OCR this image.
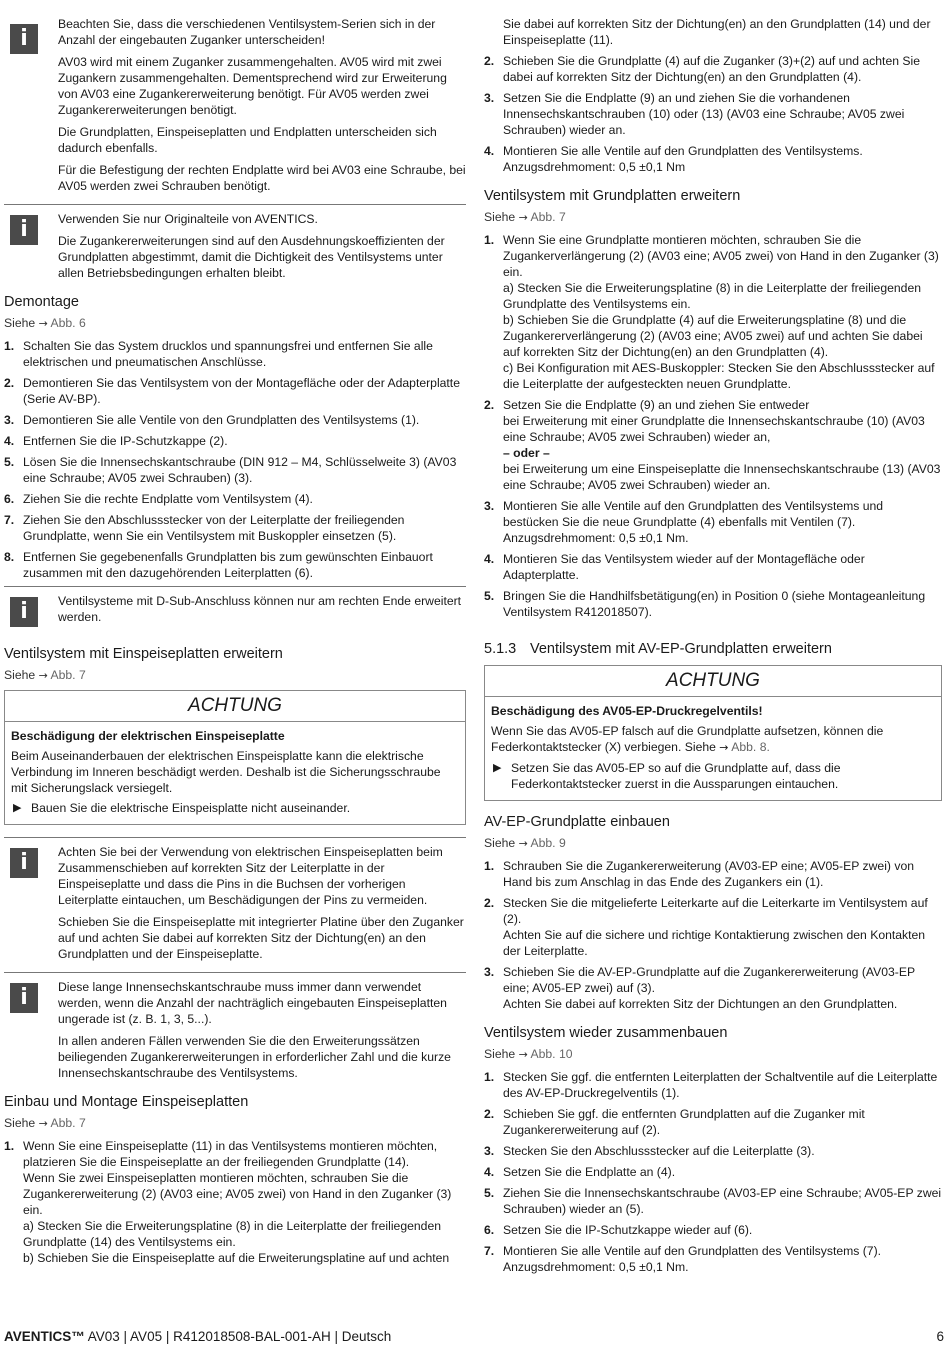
i

Beachten Sie, dass die verschiedenen Ventilsystem-Serien sich in der Anzahl der eingebauten Zuganker unterscheiden!

AV03 wird mit einem Zuganker zusammengehalten. AV05 wird mit zwei Zugankern zusammengehalten. Dementsprechend wird zur Erweiterung von AV03 eine Zugankererweiterung benötigt. Für AV05 werden zwei Zugankererweiterungen benötigt.

Die Grundplatten, Einspeiseplatten und Endplatten unterscheiden sich dadurch ebenfalls.

Für die Befestigung der rechten Endplatte wird bei AV03 eine Schraube, bei AV05 werden zwei Schrauben benötigt.

i	Verwenden Sie nur Originalteile von AVENTICS.

Die Zugankererweiterungen sind auf den Ausdehnungskoeffizienten der Grundplatten abgestimmt, damit die Dichtigkeit des Ventilsystems unter allen Betriebsbedingungen erhalten bleibt.

Demontage
Siehe → Abb. 6
1. Schalten Sie das System drucklos und spannungsfrei und entfernen Sie alle elektrischen und pneumatischen Anschlüsse.
2. Demontieren Sie das Ventilsystem von der Montagefläche oder der Adapterplatte (Serie AV-BP).
3. Demontieren Sie alle Ventile von den Grundplatten des Ventilsystems (1).
4. Entfernen Sie die IP-Schutzkappe (2).
5. Lösen Sie die Innensechskantschraube (DIN 912 – M4, Schlüsselweite 3) (AV03 eine Schraube; AV05 zwei Schrauben) (3).
6. Ziehen Sie die rechte Endplatte vom Ventilsystem (4).
7. Ziehen Sie den Abschlussstecker von der Leiterplatte der freiliegenden Grundplatte, wenn Sie ein Ventilsystem mit Buskoppler einsetzen (5).
8. Entfernen Sie gegebenenfalls Grundplatten bis zum gewünschten Einbauort zusammen mit den dazugehörenden Leiterplatten (6).
i	Ventilsysteme mit D-Sub-Anschluss können nur am rechten Ende erweitert werden.

Ventilsystem mit Einspeiseplatten erweitern
Siehe → Abb. 7
ACHTUNG
Beschädigung der elektrischen Einspeiseplatte
Beim Auseinanderbauen der elektrischen Einspeisplatte kann die elektrische Verbindung im Inneren beschädigt werden. Deshalb ist die Sicherungsschraube mit Sicherungslack versiegelt.
▶ Bauen Sie die elektrische Einspeisplatte nicht auseinander.
i	Achten Sie bei der Verwendung von elektrischen Einspeiseplatten beim Zusammenschieben auf korrekten Sitz der Leiterplatte in der Einspeiseplatte und dass die Pins in die Buchsen der vorherigen Leiterplatte eintauchen, um Beschädigungen der Pins zu vermeiden.

Schieben Sie die Einspeiseplatte mit integrierter Platine über den Zuganker auf und achten Sie dabei auf korrekten Sitz der Dichtung(en) an den Grundplatten und der Einspeiseplatte.

i	Diese lange Innensechskantschraube muss immer dann verwendet werden, wenn die Anzahl der nachträglich eingebauten Einspeiseplatten ungerade ist (z. B. 1, 3, 5...).

In allen anderen Fällen verwenden Sie die den Erweiterungssätzen beiliegenden Zugankererweiterungen in erforderlicher Zahl und die kurze Innensechskantschraube des Ventilsystems.

Einbau und Montage Einspeiseplatten
Siehe → Abb. 7
1. Wenn Sie eine Einspeiseplatte (11) in das Ventilsystems montieren möchten, platzieren Sie die Einspeiseplatte an der freiliegenden Grundplatte (14).
Wenn Sie zwei Einspeiseplatten montieren möchten, schrauben Sie die Zugankererweiterung (2) (AV03 eine; AV05 zwei) von Hand in den Zuganker (3) ein.
a) Stecken Sie die Erweiterungsplatine (8) in die Leiterplatte der freiliegenden Grundplatte (14) des Ventilsystems ein.
b) Schieben Sie die Einspeiseplatte auf die Erweiterungsplatine auf und achten
Sie dabei auf korrekten Sitz der Dichtung(en) an den Grundplatten (14) und der Einspeiseplatte (11).
2. Schieben Sie die Grundplatte (4) auf die Zuganker (3)+(2) auf und achten Sie dabei auf korrekten Sitz der Dichtung(en) an den Grundplatten (4).
3. Setzen Sie die Endplatte (9) an und ziehen Sie die vorhandenen Innensechskantschrauben (10) oder (13) (AV03 eine Schraube; AV05 zwei Schrauben) wieder an.
4. Montieren Sie alle Ventile auf den Grundplatten des Ventilsystems.
Anzugsdrehmoment: 0,5 ±0,1 Nm
Ventilsystem mit Grundplatten erweitern
Siehe → Abb. 7
1. Wenn Sie eine Grundplatte montieren möchten, schrauben Sie die Zugankerverlängerung (2) (AV03 eine; AV05 zwei) von Hand in den Zuganker (3) ein.
a) Stecken Sie die Erweiterungsplatine (8) in die Leiterplatte der freiliegenden Grundplatte des Ventilsystems ein.
b) Schieben Sie die Grundplatte (4) auf die Erweiterungsplatine (8) und die Zugankererverlängerung (2) (AV03 eine; AV05 zwei) auf und achten Sie dabei auf korrekten Sitz der Dichtung(en) an den Grundplatten (4).
c) Bei Konfiguration mit AES-Buskoppler: Stecken Sie den Abschlussstecker auf die Leiterplatte der aufgesteckten neuen Grundplatte.
2. Setzen Sie die Endplatte (9) an und ziehen Sie entweder
bei Erweiterung mit einer Grundplatte die Innensechskantschraube (10) (AV03 eine Schraube; AV05 zwei Schrauben) wieder an,
– oder –
bei Erweiterung um eine Einspeiseplatte die Innensechskantschraube (13) (AV03 eine Schraube; AV05 zwei Schrauben) wieder an.
3. Montieren Sie alle Ventile auf den Grundplatten des Ventilsystems und bestücken Sie die neue Grundplatte (4) ebenfalls mit Ventilen (7).
Anzugsdrehmoment: 0,5 ±0,1 Nm.
4. Montieren Sie das Ventilsystem wieder auf der Montagefläche oder Adapterplatte.
5. Bringen Sie die Handhilfsbetätigung(en) in Position 0 (siehe Montageanleitung Ventilsystem R412018507).
5.1.3 Ventilsystem mit AV-EP-Grundplatten erweitern
ACHTUNG
Beschädigung des AV05-EP-Druckregelventils!
Wenn Sie das AV05-EP falsch auf die Grundplatte aufsetzen, können die Federkontaktstecker (X) verbiegen. Siehe → Abb. 8.
▶ Setzen Sie das AV05-EP so auf die Grundplatte auf, dass die Federkontaktstecker zuerst in die Aussparungen eintauchen.
AV-EP-Grundplatte einbauen
Siehe → Abb. 9
1. Schrauben Sie die Zugankererweiterung (AV03-EP eine; AV05-EP zwei) von Hand bis zum Anschlag in das Ende des Zugankers ein (1).
2. Stecken Sie die mitgelieferte Leiterkarte auf die Leiterkarte im Ventilsystem auf (2).
Achten Sie auf die sichere und richtige Kontaktierung zwischen den Kontakten der Leiterplatte.
3. Schieben Sie die AV-EP-Grundplatte auf die Zugankererweiterung (AV03-EP eine; AV05-EP zwei) auf (3).
Achten Sie dabei auf korrekten Sitz der Dichtungen an den Grundplatten.
Ventilsystem wieder zusammenbauen
Siehe → Abb. 10
1. Stecken Sie ggf. die entfernten Leiterplatten der Schaltventile auf die Leiterplatte des AV-EP-Druckregelventils (1).
2. Schieben Sie ggf. die entfernten Grundplatten auf die Zuganker mit Zugankererweiterung auf (2).
3. Stecken Sie den Abschlussstecker auf die Leiterplatte (3).
4. Setzen Sie die Endplatte an (4).
5. Ziehen Sie die Innensechskantschraube (AV03-EP eine Schraube; AV05-EP zwei Schrauben) wieder an (5).
6. Setzen Sie die IP-Schutzkappe wieder auf (6).
7. Montieren Sie alle Ventile auf den Grundplatten des Ventilsystems (7).
Anzugsdrehmoment: 0,5 ±0,1 Nm.
AVENTICS™ AV03 | AV05 | R412018508-BAL-001-AH | Deutsch	6
